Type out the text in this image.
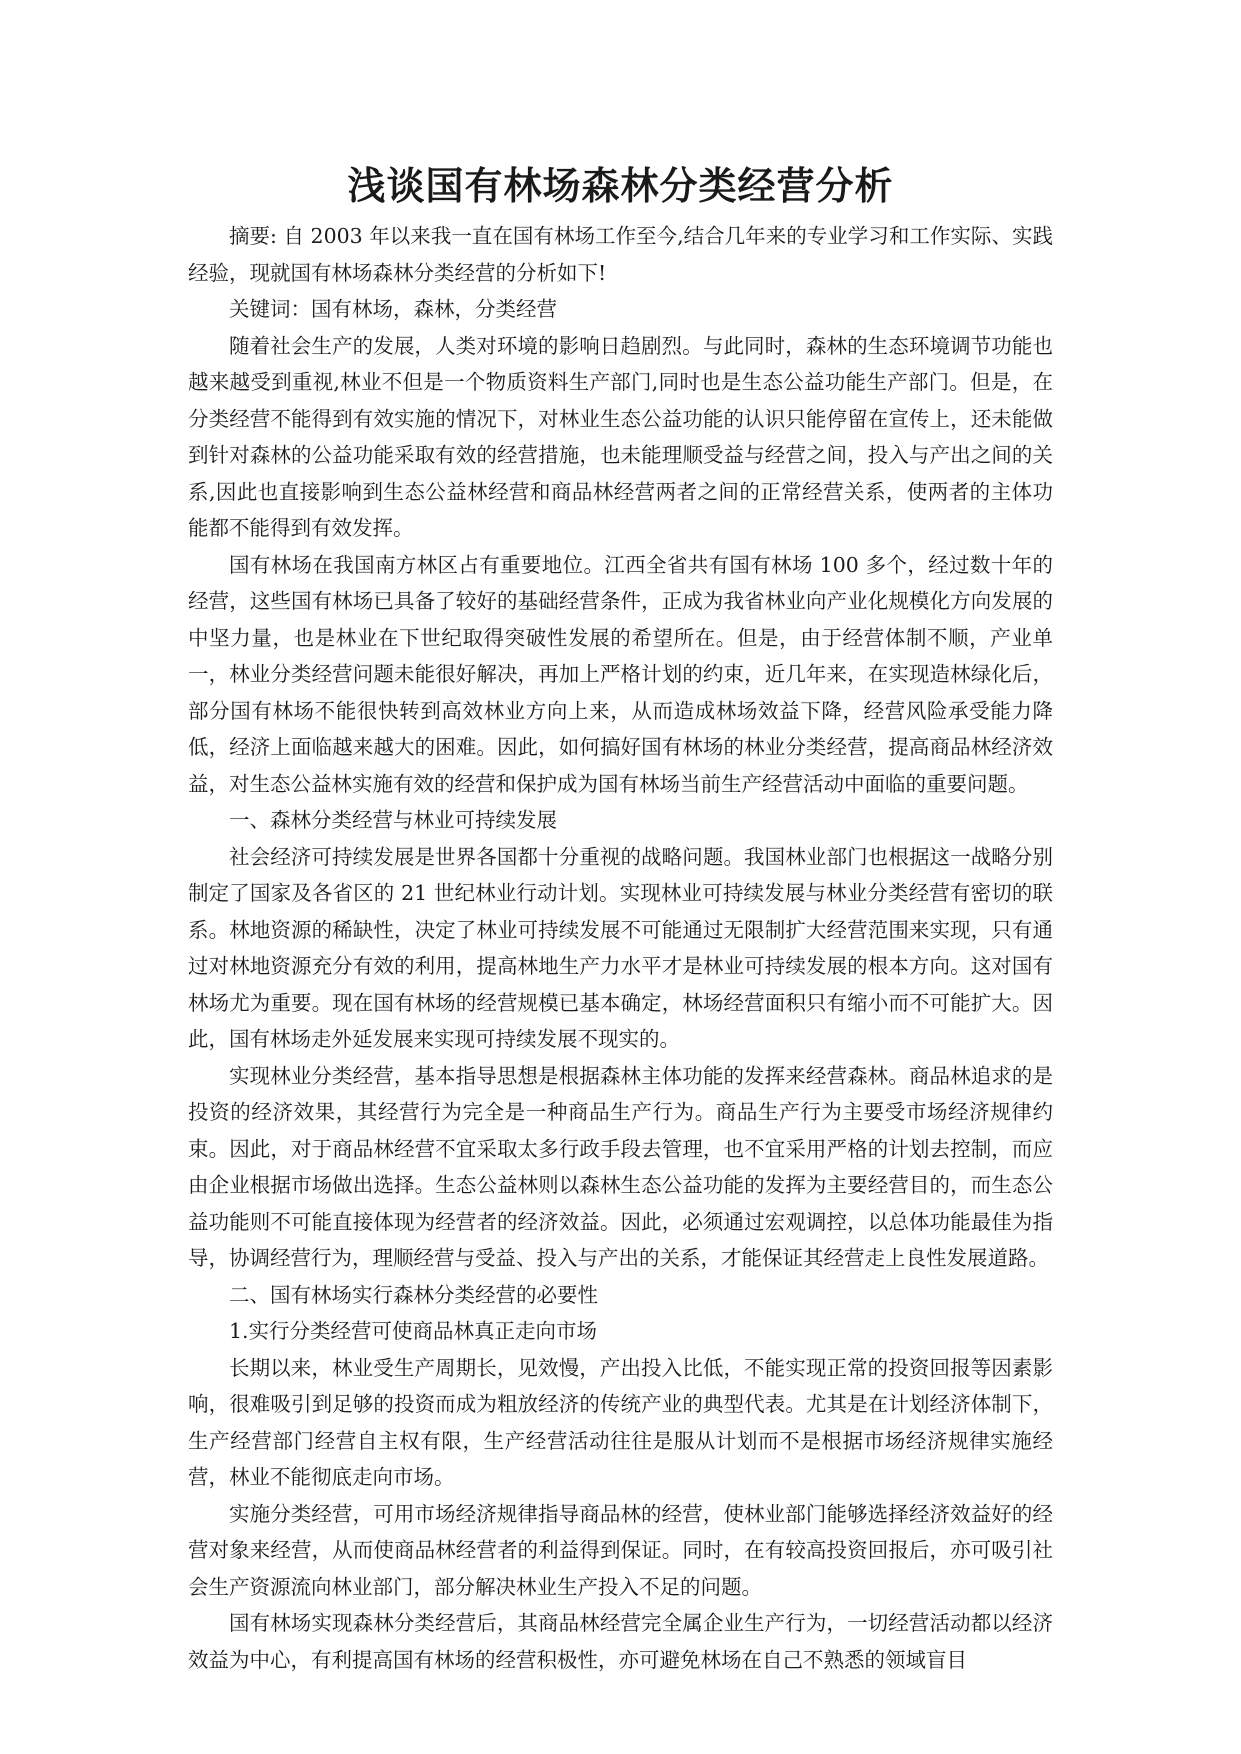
浅谈国有林场森林分类经营分析

摘要: 自 2003 年以来我一直在国有林场工作至今,结合几年来的专业学习和工作实际、实践经验，现就国有林场森林分类经营的分析如下!

关键词：国有林场，森林，分类经营

随着社会生产的发展，人类对环境的影响日趋剧烈。与此同时，森林的生态环境调节功能也越来越受到重视,林业不但是一个物质资料生产部门,同时也是生态公益功能生产部门。但是，在分类经营不能得到有效实施的情况下，对林业生态公益功能的认识只能停留在宣传上，还未能做到针对森林的公益功能采取有效的经营措施，也未能理顺受益与经营之间，投入与产出之间的关系,因此也直接影响到生态公益林经营和商品林经营两者之间的正常经营关系，使两者的主体功能都不能得到有效发挥。

国有林场在我国南方林区占有重要地位。江西全省共有国有林场 100 多个，经过数十年的经营，这些国有林场已具备了较好的基础经营条件，正成为我省林业向产业化规模化方向发展的中坚力量，也是林业在下世纪取得突破性发展的希望所在。但是，由于经营体制不顺，产业单一，林业分类经营问题未能很好解决，再加上严格计划的约束，近几年来，在实现造林绿化后，部分国有林场不能很快转到高效林业方向上来，从而造成林场效益下降，经营风险承受能力降低，经济上面临越来越大的困难。因此，如何搞好国有林场的林业分类经营，提高商品林经济效益，对生态公益林实施有效的经营和保护成为国有林场当前生产经营活动中面临的重要问题。

一、森林分类经营与林业可持续发展

社会经济可持续发展是世界各国都十分重视的战略问题。我国林业部门也根据这一战略分别制定了国家及各省区的 21 世纪林业行动计划。实现林业可持续发展与林业分类经营有密切的联系。林地资源的稀缺性，决定了林业可持续发展不可能通过无限制扩大经营范围来实现，只有通过对林地资源充分有效的利用，提高林地生产力水平才是林业可持续发展的根本方向。这对国有林场尤为重要。现在国有林场的经营规模已基本确定，林场经营面积只有缩小而不可能扩大。因此，国有林场走外延发展来实现可持续发展不现实的。

实现林业分类经营，基本指导思想是根据森林主体功能的发挥来经营森林。商品林追求的是投资的经济效果，其经营行为完全是一种商品生产行为。商品生产行为主要受市场经济规律约束。因此，对于商品林经营不宜采取太多行政手段去管理，也不宜采用严格的计划去控制，而应由企业根据市场做出选择。生态公益林则以森林生态公益功能的发挥为主要经营目的，而生态公益功能则不可能直接体现为经营者的经济效益。因此，必须通过宏观调控，以总体功能最佳为指导，协调经营行为，理顺经营与受益、投入与产出的关系，才能保证其经营走上良性发展道路。

二、国有林场实行森林分类经营的必要性

1.实行分类经营可使商品林真正走向市场

长期以来，林业受生产周期长，见效慢，产出投入比低，不能实现正常的投资回报等因素影响，很难吸引到足够的投资而成为粗放经济的传统产业的典型代表。尤其是在计划经济体制下，生产经营部门经营自主权有限，生产经营活动往往是服从计划而不是根据市场经济规律实施经营，林业不能彻底走向市场。

实施分类经营，可用市场经济规律指导商品林的经营，使林业部门能够选择经济效益好的经营对象来经营，从而使商品林经营者的利益得到保证。同时，在有较高投资回报后，亦可吸引社会生产资源流向林业部门，部分解决林业生产投入不足的问题。

国有林场实现森林分类经营后，其商品林经营完全属企业生产行为，一切经营活动都以经济效益为中心，有利提高国有林场的经营积极性，亦可避免林场在自己不熟悉的领域盲目
